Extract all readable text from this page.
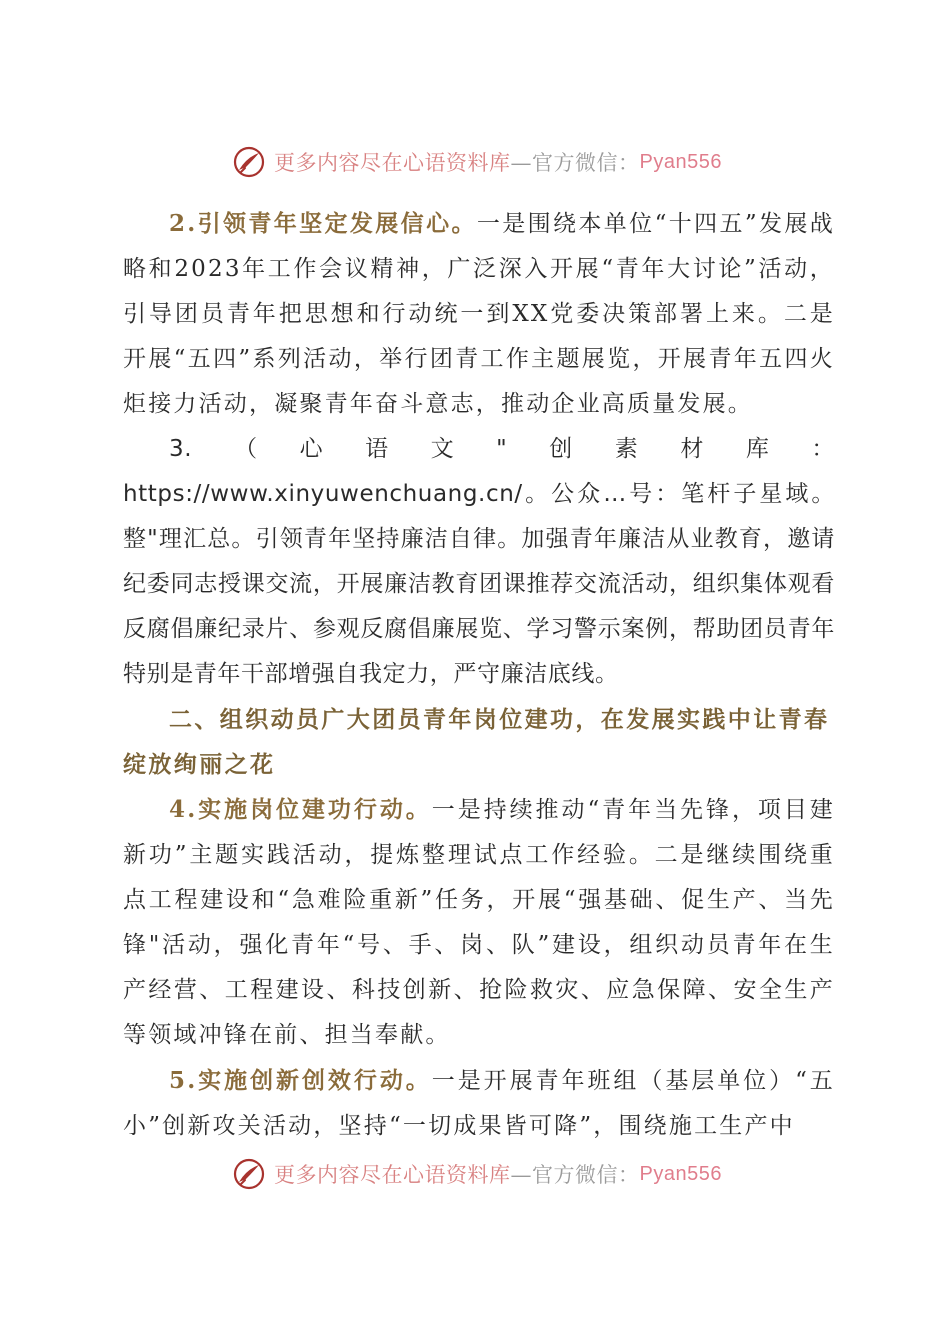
更多内容尽在心语资料库 —官方微信： Pyan556

2.引领青年坚定发展信心。一是围绕本单位“十四五”发展战略和2023年工作会议精神，广泛深入开展“青年大讨论”活动，引导团员青年把思想和行动统一到XX党委决策部署上来。二是开展“五四”系列活动，举行团青工作主题展览，开展青年五四火炬接力活动，凝聚青年奋斗意志，推动企业高质量发展。

3.（心语文"创素材库：https://www.xinyuwenchuang.cn/。公众…号：笔杆子星域。整"理汇总。引领青年坚持廉洁自律。加强青年廉洁从业教育，邀请纪委同志授课交流，开展廉洁教育团课推荐交流活动，组织集体观看反腐倡廉纪录片、参观反腐倡廉展览、学习警示案例，帮助团员青年特别是青年干部增强自我定力，严守廉洁底线。

二、组织动员广大团员青年岗位建功，在发展实践中让青春绽放绚丽之花

4.实施岗位建功行动。一是持续推动“青年当先锋，项目建新功”主题实践活动，提炼整理试点工作经验。二是继续围绕重点工程建设和“急难险重新”任务，开展“强基础、促生产、当先锋"活动，强化青年“号、手、岗、队”建设，组织动员青年在生产经营、工程建设、科技创新、抢险救灾、应急保障、安全生产等领域冲锋在前、担当奉献。

5.实施创新创效行动。一是开展青年班组（基层单位）“五小”创新攻关活动，坚持“一切成果皆可降”，围绕施工生产中

更多内容尽在心语资料库 —官方微信： Pyan556
